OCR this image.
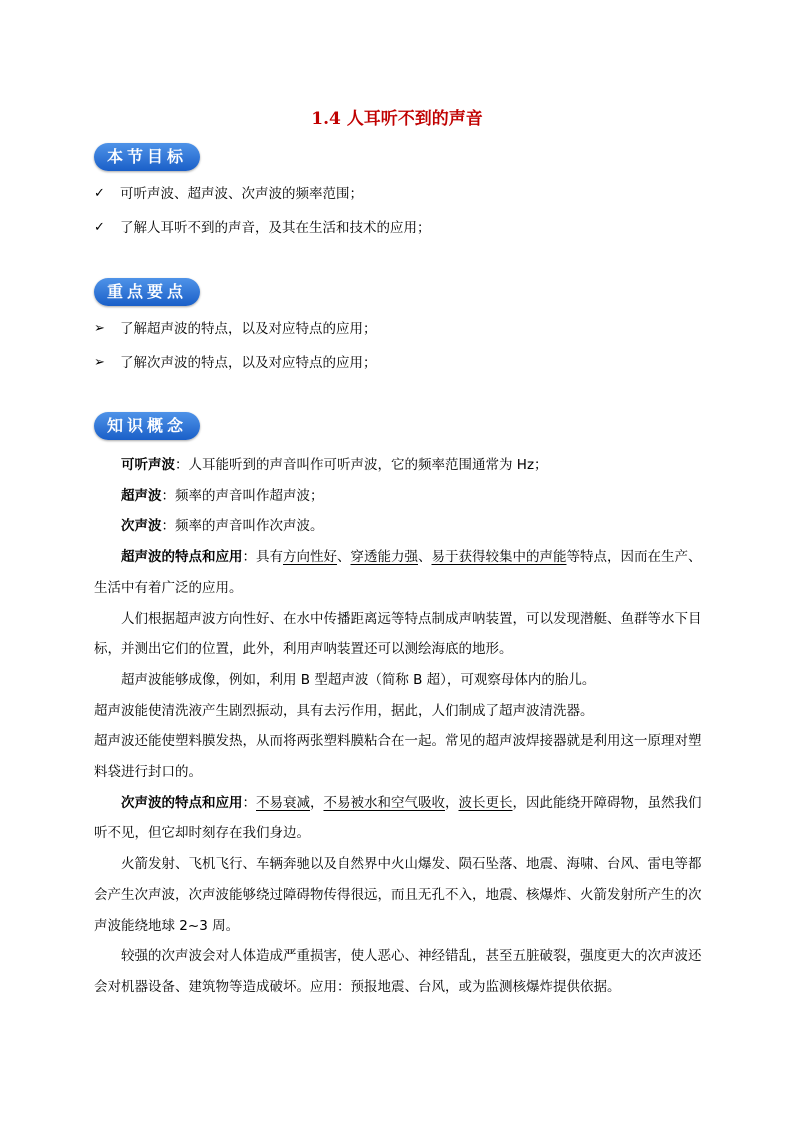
1.4 人耳听不到的声音
本节目标
✓	可听声波、超声波、次声波的频率范围；
✓	了解人耳听不到的声音，及其在生活和技术的应用；
重点要点
➢	了解超声波的特点，以及对应特点的应用；
➢	了解次声波的特点，以及对应特点的应用；
知识概念

可听声波：人耳能听到的声音叫作可听声波，它的频率范围通常为 Hz；

超声波：频率的声音叫作超声波；

次声波：频率的声音叫作次声波。

超声波的特点和应用：具有方向性好、穿透能力强、易于获得较集中的声能等特点，因而在生产、生活中有着广泛的应用。

人们根据超声波方向性好、在水中传播距离远等特点制成声呐装置，可以发现潜艇、鱼群等水下目标，并测出它们的位置，此外，利用声呐装置还可以测绘海底的地形。

超声波能够成像，例如，利用 B 型超声波（简称 B 超），可观察母体内的胎儿。

超声波能使清洗液产生剧烈振动，具有去污作用，据此，人们制成了超声波清洗器。

超声波还能使塑料膜发热，从而将两张塑料膜粘合在一起。常见的超声波焊接器就是利用这一原理对塑料袋进行封口的。

次声波的特点和应用：不易衰减，不易被水和空气吸收，波长更长，因此能绕开障碍物，虽然我们听不见，但它却时刻存在我们身边。

火箭发射、飞机飞行、车辆奔驰以及自然界中火山爆发、陨石坠落、地震、海啸、台风、雷电等都会产生次声波，次声波能够绕过障碍物传得很远，而且无孔不入，地震、核爆炸、火箭发射所产生的次声波能绕地球 2~3 周。

较强的次声波会对人体造成严重损害，使人恶心、神经错乱，甚至五脏破裂，强度更大的次声波还会对机器设备、建筑物等造成破坏。应用：预报地震、台风，或为监测核爆炸提供依据。
